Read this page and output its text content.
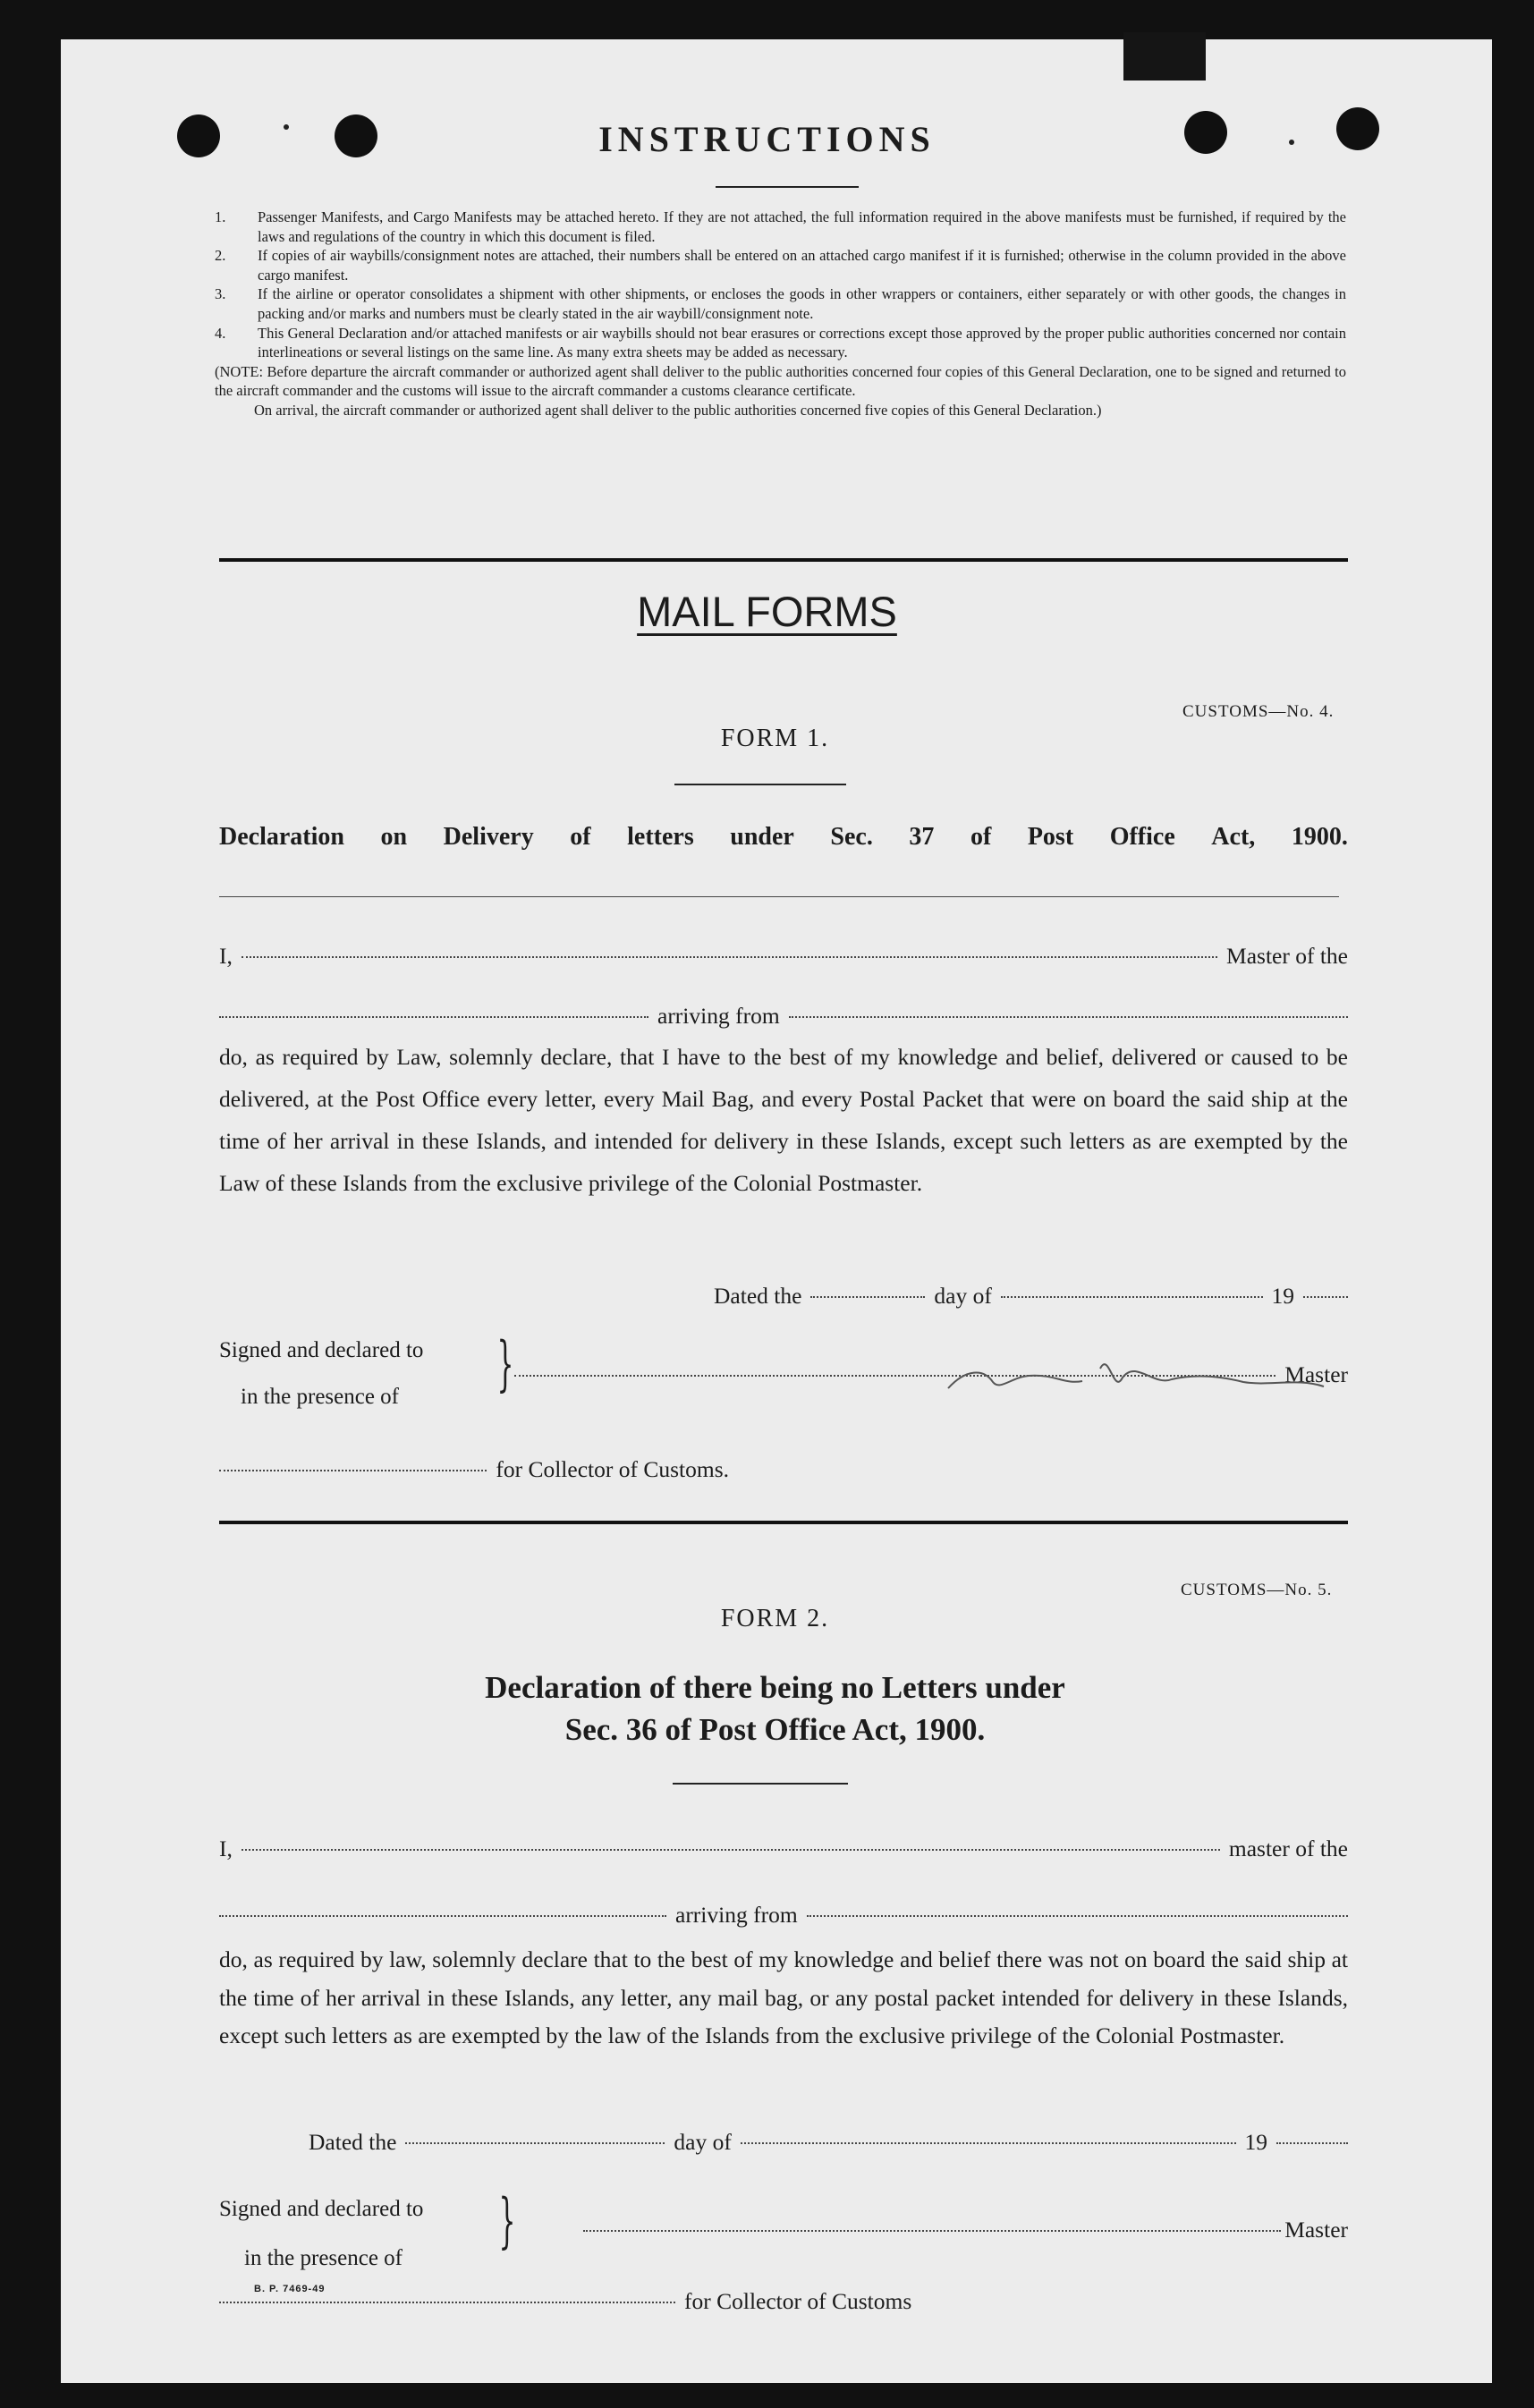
INSTRUCTIONS
1. Passenger Manifests, and Cargo Manifests may be attached hereto. If they are not attached, the full information required in the above manifests must be furnished, if required by the laws and regulations of the country in which this document is filed.
2. If copies of air waybills/consignment notes are attached, their numbers shall be entered on an attached cargo manifest if it is furnished; otherwise in the column provided in the above cargo manifest.
3. If the airline or operator consolidates a shipment with other shipments, or encloses the goods in other wrappers or containers, either separately or with other goods, the changes in packing and/or marks and numbers must be clearly stated in the air waybill/consignment note.
4. This General Declaration and/or attached manifests or air waybills should not bear erasures or corrections except those approved by the proper public authorities concerned nor contain interlineations or several listings on the same line. As many extra sheets may be added as necessary.
(NOTE: Before departure the aircraft commander or authorized agent shall deliver to the public authorities concerned four copies of this General Declaration, one to be signed and returned to the aircraft commander and the customs will issue to the aircraft commander a customs clearance certificate.
On arrival, the aircraft commander or authorized agent shall deliver to the public authorities concerned five copies of this General Declaration.)
MAIL FORMS
CUSTOMS—No. 4.
FORM 1.
Declaration on Delivery of letters under Sec. 37 of Post Office Act, 1900.
I,	Master of the
arriving from
do, as required by Law, solemnly declare, that I have to the best of my knowledge and belief, delivered or caused to be delivered, at the Post Office every letter, every Mail Bag, and every Postal Packet that were on board the said ship at the time of her arrival in these Islands, and intended for delivery in these Islands, except such letters as are exempted by the Law of these Islands from the exclusive privilege of the Colonial Postmaster.
Dated the	day of	19
Signed and declared to
in the presence of	}	Master
for Collector of Customs.
CUSTOMS—No. 5.
FORM 2.
Declaration of there being no Letters under
Sec. 36 of Post Office Act, 1900.
I,	master of the
arriving from
do, as required by law, solemnly declare that to the best of my knowledge and belief there was not on board the said ship at the time of her arrival in these Islands, any letter, any mail bag, or any postal packet intended for delivery in these Islands, except such letters as are exempted by the law of the Islands from the exclusive privilege of the Colonial Postmaster.
Dated the	day of	19
Signed and declared to
in the presence of
}	Master
for Collector of Customs
B. P. 7469-49
